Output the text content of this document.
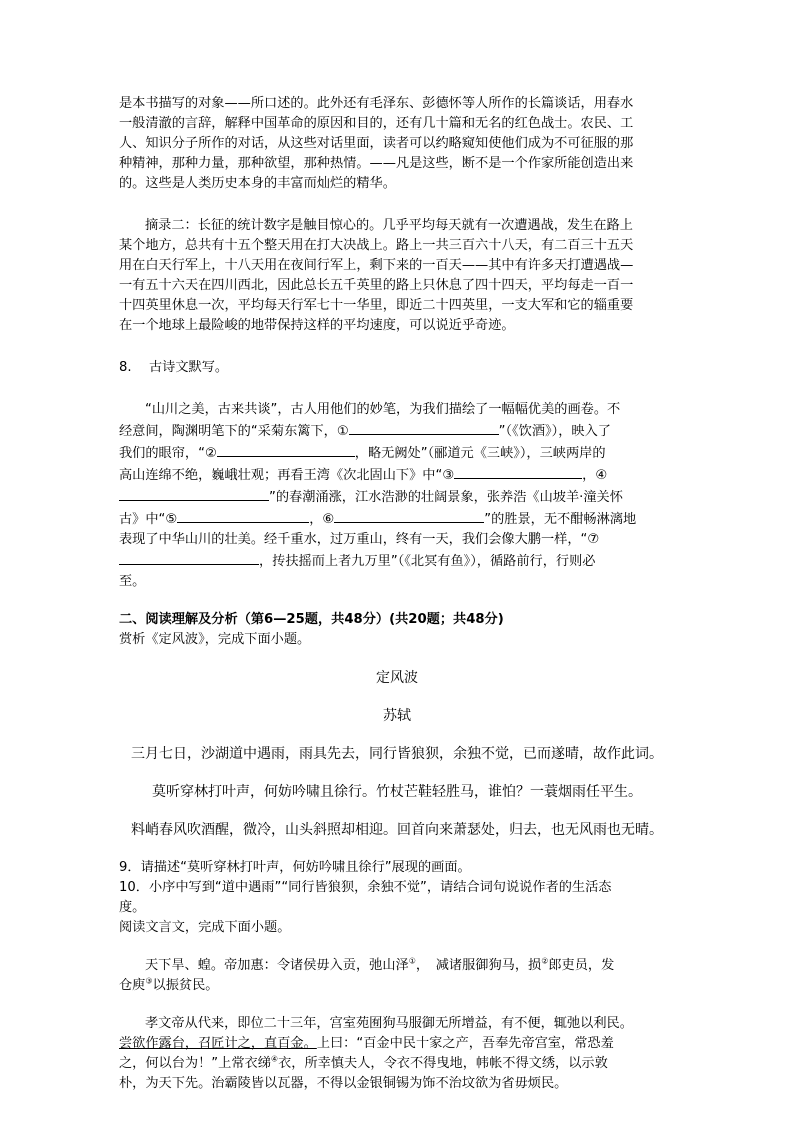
是本书描写的对象——所口述的。此外还有毛泽东、彭德怀等人所作的长篇谈话，用春水

一般清澈的言辞，解释中国革命的原因和目的，还有几十篇和无名的红色战士。农民、工

人、知识分子所作的对话，从这些对话里面，读者可以约略窥知使他们成为不可征服的那

种精神，那种力量，那种欲望，那种热情。——凡是这些，断不是一个作家所能创造出来

的。这些是人类历史本身的丰富而灿烂的精华。

摘录二：长征的统计数字是触目惊心的。几乎平均每天就有一次遭遇战，发生在路上

某个地方，总共有十五个整天用在打大决战上。路上一共三百六十八天，有二百三十五天

用在白天行军上，十八天用在夜间行军上，剩下来的一百天——其中有许多天打遭遇战—

一有五十六天在四川西北，因此总长五千英里的路上只休息了四十四天，平均每走一百一

十四英里休息一次，平均每天行军七十一华里，即近二十四英里，一支大军和它的辎重要

在一个地球上最险峻的地带保持这样的平均速度，可以说近乎奇迹。

8.　 古诗文默写。

“山川之美，古来共谈”，古人用他们的妙笔，为我们描绘了一幅幅优美的画卷。不

经意间，陶渊明笔下的“采菊东篱下，①	”（《饮酒》），映入了

我们的眼帘，“②	，略无阙处”（郦道元《三峡》），三峡两岸的

高山连绵不绝，巍峨壮观；再看王湾《次北固山下》中“③	，④

”的春潮涌涨，江水浩渺的壮阔景象，张养浩《山坡羊·潼关怀

古》中“⑤	，⑥	”的胜景，无不酣畅淋漓地

表现了中华山川的壮美。经千重水，过万重山，终有一天，我们会像大鹏一样，“⑦

，抟扶摇而上者九万里”（《北冥有鱼》），循路前行，行则必

至。

二、阅读理解及分析（第6—25题，共48分）(共20题；共48分)

赏析《定风波》，完成下面小题。

定风波

苏轼

三月七日，沙湖道中遇雨，雨具先去，同行皆狼狈，余独不觉，已而遂晴，故作此词。

莫听穿林打叶声，何妨吟啸且徐行。竹杖芒鞋轻胜马，谁怕？一蓑烟雨任平生。

料峭春风吹酒醒，微冷，山头斜照却相迎。回首向来萧瑟处，归去，也无风雨也无晴。

9．请描述“莫听穿林打叶声，何妨吟啸且徐行”展现的画面。

10．小序中写到“道中遇雨”“同行皆狼狈，余独不觉”，请结合词句说说作者的生活态

度。

阅读文言文，完成下面小题。

天下旱、蝗。帝加惠：令诸侯毋入贡，弛山泽①，　减诸服御狗马，损②郎吏员，发

仓庾③以振贫民。

孝文帝从代来，即位二十三年，宫室苑囿狗马服御无所增益，有不便，辄弛以利民。

尝欲作露台，召匠计之，直百金。上曰：“百金中民十家之产，吾奉先帝宫室，常恐羞

之，何以台为！”上常衣绨④衣，所幸慎夫人，令衣不得曳地，帏帐不得文绣，以示敦

朴，为天下先。治霸陵皆以瓦器，不得以金银铜锡为饰不治坟欲为省毋烦民。
